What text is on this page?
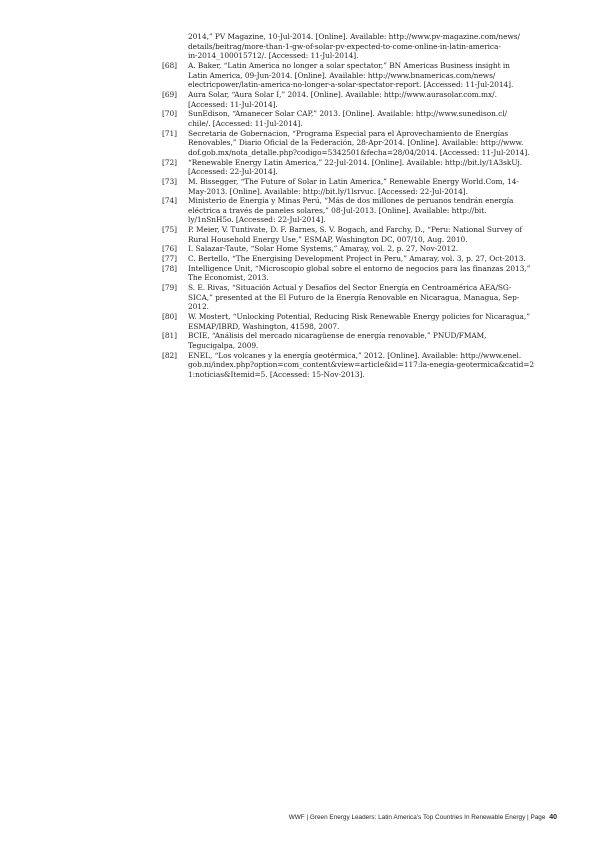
2014,” PV Magazine, 10-Jul-2014. [Online]. Available: http://www.pv-magazine.com/news/
details/beitrag/more-than-1-gw-of-solar-pv-expected-to-come-online-in-latin-america-
in-2014_100015712/. [Accessed: 11-Jul-2014].
[68] A. Baker, “Latin America no longer a solar spectator,” BN Americas Business insight in
Latin America, 09-Jun-2014. [Online]. Available: http://www.bnamericas.com/news/
electricpower/latin-america-no-longer-a-solar-spectator-report. [Accessed: 11-Jul-2014].
[69] Aura Solar, “Aura Solar I,” 2014. [Online]. Available: http://www.aurasolar.com.mx/.
[Accessed: 11-Jul-2014].
[70] SunEdison, “Amanecer Solar CAP,” 2013. [Online]. Available: http://www.sunedison.cl/
chile/. [Accessed: 11-Jul-2014].
[71] Secretaria de Gobernacion, “Programa Especial para el Aprovechamiento de Energías
Renovables,” Diario Oficial de la Federación, 28-Apr-2014. [Online]. Available: http://www.
dof.gob.mx/nota_detalle.php?codigo=5342501&fecha=28/04/2014. [Accessed: 11-Jul-2014].
[72] “Renewable Energy Latin America,” 22-Jul-2014. [Online]. Available: http://bit.ly/1A3skUj.
[Accessed: 22-Jul-2014].
[73] M. Bissegger, “The Future of Solar in Latin America,” Renewable Energy World.Com, 14-
May-2013. [Online]. Available: http://bit.ly/1lsrvuc. [Accessed: 22-Jul-2014].
[74] Ministerio de Energía y Minas Perú, “Más de dos millones de peruanos tendrán energía
eléctrica a través de paneles solares,” 08-Jul-2013. [Online]. Available: http://bit.
ly/1nSnH5o. [Accessed: 22-Jul-2014].
[75] P. Meier, V. Tuntivate, D. F. Barnes, S. V. Bogach, and Farchy, D., “Peru: National Survey of
Rural Household Energy Use,” ESMAP, Washington DC, 007/10, Aug. 2010.
[76] I. Salazar-Taute, “Solar Home Systems,” Amaray, vol. 2, p. 27, Nov-2012.
[77] C. Bertello, “The Energising Development Project in Peru,” Amaray, vol. 3, p. 27, Oct-2013.
[78] Intelligence Unit, “Microscopio global sobre el entorno de negocios para las finanzas 2013,”
The Economist, 2013.
[79] S. E. Rivas, “Situación Actual y Desafíos del Sector Energía en Centroamérica AEA/SG-
SICA,” presented at the El Futuro de la Energía Renovable en Nicaragua, Managua, Sep-
2012.
[80] W. Mostert, “Unlocking Potential, Reducing Risk Renewable Energy policies for Nicaragua,”
ESMAP/IBRD, Washington, 41598, 2007.
[81] BCIE, “Análisis del mercado nicaragüense de energía renovable,” PNUD/FMAM,
Tegucigalpa, 2009.
[82] ENEL, “Los volcanes y la energía geotérmica,” 2012. [Online]. Available: http://www.enel.
gob.ni/index.php?option=com_content&view=article&id=117:la-enegia-geotermica&catid=2
1:noticias&Itemid=5. [Accessed: 15-Nov-2013].
WWF | Green Energy Leaders: Latin America’s Top Countries In Renewable Energy | Page 40
